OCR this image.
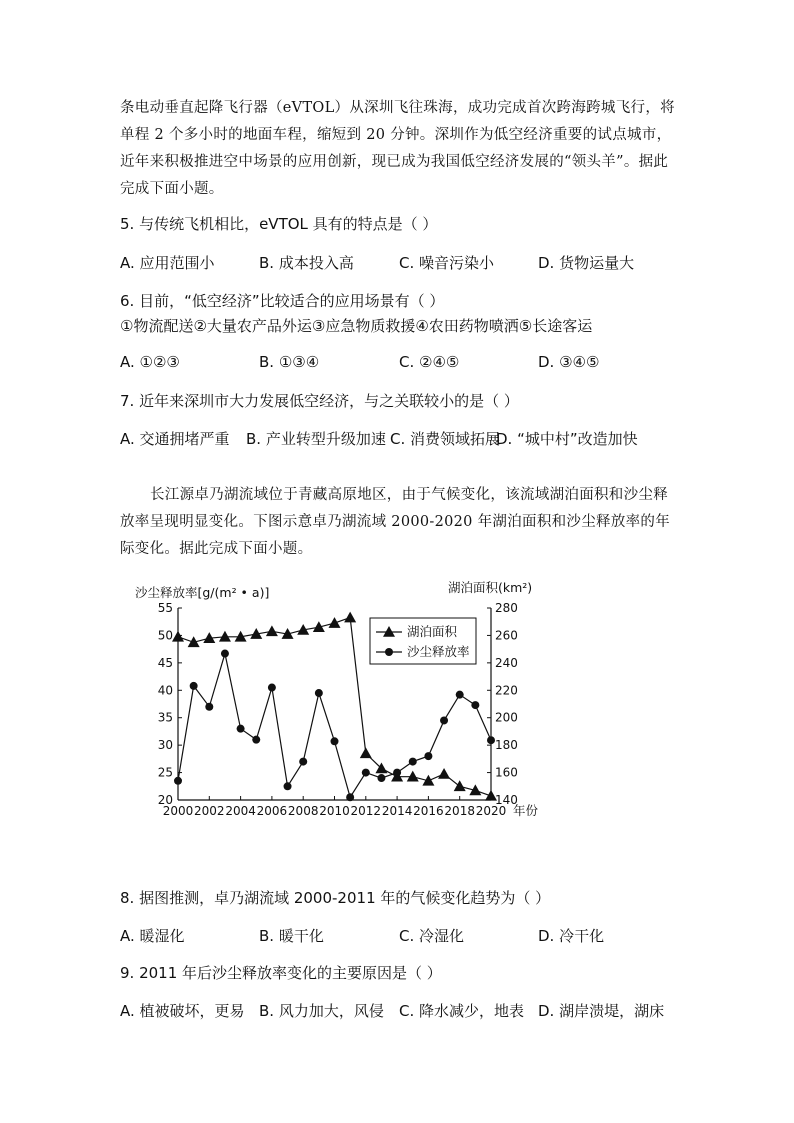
条电动垂直起降飞行器（eVTOL）从深圳飞往珠海，成功完成首次跨海跨城飞行，将单程 2 个多小时的地面车程，缩短到 20 分钟。深圳作为低空经济重要的试点城市，近年来积极推进空中场景的应用创新，现已成为我国低空经济发展的“领头羊”。据此完成下面小题。
5. 与传统飞机相比，eVTOL 具有的特点是（ ）
A. 应用范围小	B. 成本投入高	C. 噪音污染小	D. 货物运量大
6. 目前，“低空经济”比较适合的应用场景有（ ）
①物流配送②大量农产品外运③应急物质救援④农田药物喷洒⑤长途客运
A. ①②③	B. ①③④	C. ②④⑤	D. ③④⑤
7. 近年来深圳市大力发展低空经济，与之关联较小的是（ ）
A. 交通拥堵严重 B. 产业转型升级加速 C. 消费领域拓展
D. “城中村”改造加快
长江源卓乃湖流域位于青藏高原地区，由于气候变化，该流域湖泊面积和沙尘释放率呈现明显变化。下图示意卓乃湖流域 2000-2020 年湖泊面积和沙尘释放率的年际变化。据此完成下面小题。
沙尘释放率[g/(m² • a)]	湖泊面积(km²)
20
25
30
35
40
45
50
55
140
160
180
200
220
240
260
280
2000 2002 2004 2006 2008 2010 2012 2014 2016 2018 2020 年份
湖泊面积
沙尘释放率
8. 据图推测，卓乃湖流域 2000-2011 年的气候变化趋势为（ ）
A. 暖湿化	B. 暖干化	C. 冷湿化	D. 冷干化
9. 2011 年后沙尘释放率变化的主要原因是（ ）
A. 植被破坏，更易 B. 风力加大，风侵 C. 降水减少，地表 D. 湖岸溃堤，湖床
